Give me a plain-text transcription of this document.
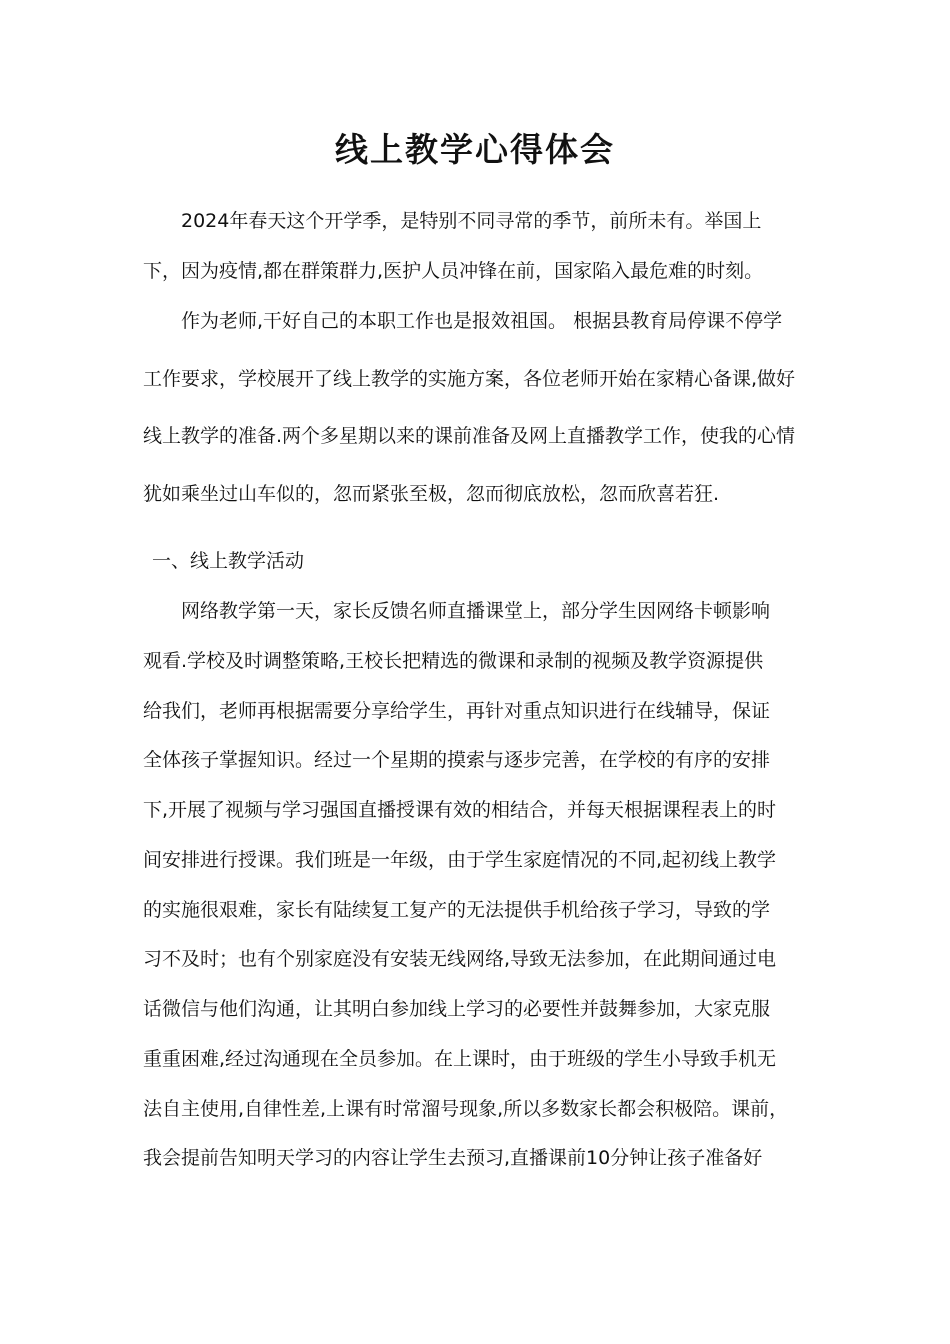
线上教学心得体会
2024年春天这个开学季，是特别不同寻常的季节，前所未有。举国上
下，因为疫情,都在群策群力,医护人员冲锋在前，国家陷入最危难的时刻。
作为老师,干好自己的本职工作也是报效祖国。 根据县教育局停课不停学
工作要求，学校展开了线上教学的实施方案，各位老师开始在家精心备课,做好
线上教学的准备.两个多星期以来的课前准备及网上直播教学工作，使我的心情
犹如乘坐过山车似的，忽而紧张至极，忽而彻底放松，忽而欣喜若狂.
一、线上教学活动
网络教学第一天，家长反馈名师直播课堂上，部分学生因网络卡顿影响
观看.学校及时调整策略,王校长把精选的微课和录制的视频及教学资源提供
给我们，老师再根据需要分享给学生，再针对重点知识进行在线辅导，保证
全体孩子掌握知识。经过一个星期的摸索与逐步完善，在学校的有序的安排
下,开展了视频与学习强国直播授课有效的相结合，并每天根据课程表上的时
间安排进行授课。我们班是一年级，由于学生家庭情况的不同,起初线上教学
的实施很艰难，家长有陆续复工复产的无法提供手机给孩子学习，导致的学
习不及时；也有个别家庭没有安装无线网络,导致无法参加，在此期间通过电
话微信与他们沟通，让其明白参加线上学习的必要性并鼓舞参加，大家克服
重重困难,经过沟通现在全员参加。在上课时，由于班级的学生小导致手机无
法自主使用,自律性差,上课有时常溜号现象,所以多数家长都会积极陪。课前，
我会提前告知明天学习的内容让学生去预习,直播课前10分钟让孩子准备好
